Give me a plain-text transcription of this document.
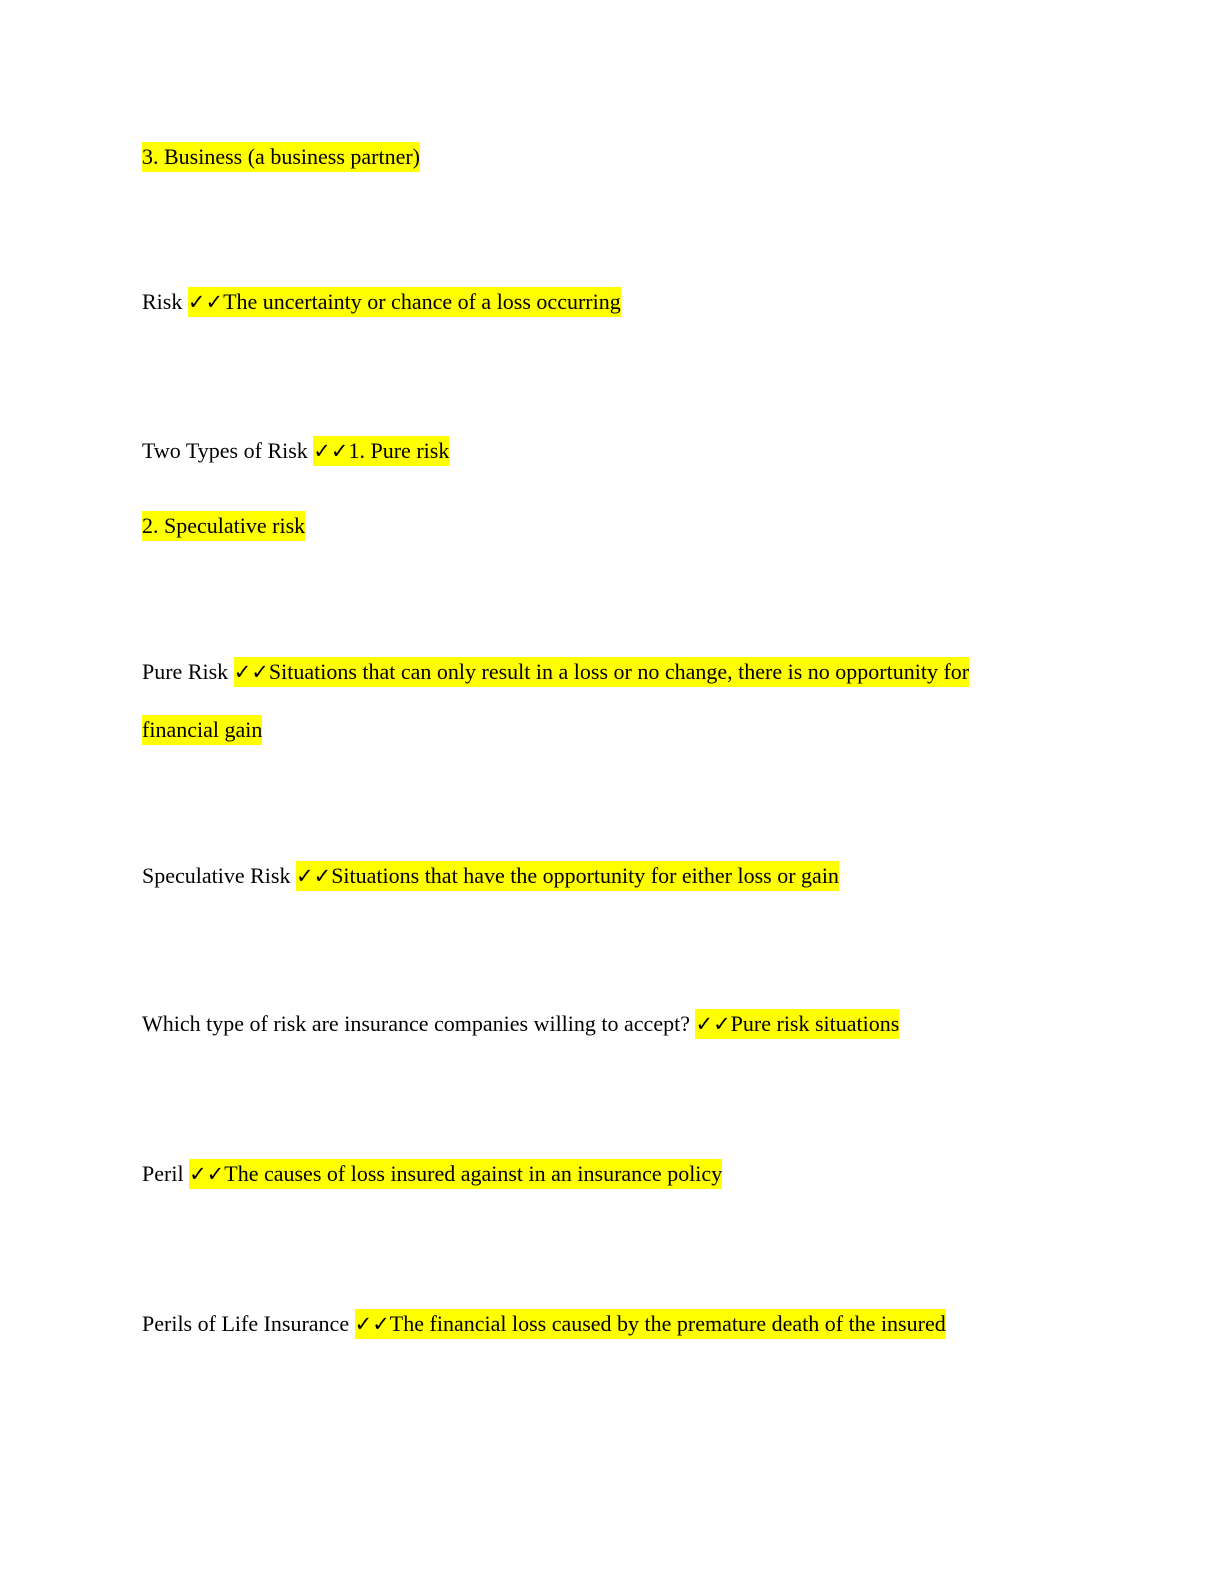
3. Business (a business partner)
Risk ✓✓The uncertainty or chance of a loss occurring
Two Types of Risk ✓✓1. Pure risk
2. Speculative risk
Pure Risk ✓✓Situations that can only result in a loss or no change, there is no opportunity for
financial gain
Speculative Risk ✓✓Situations that have the opportunity for either loss or gain
Which type of risk are insurance companies willing to accept? ✓✓Pure risk situations
Peril ✓✓The causes of loss insured against in an insurance policy
Perils of Life Insurance ✓✓The financial loss caused by the premature death of the insured
